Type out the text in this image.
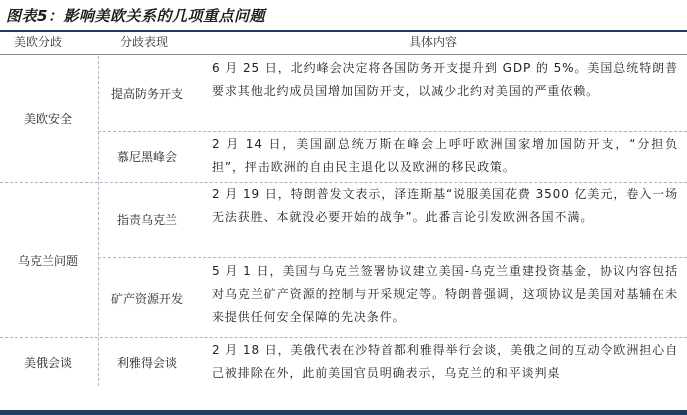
图表5：影响美欧关系的几项重点问题
美欧分歧	分歧表现	具体内容
美欧安全
乌克兰问题
美俄会谈
提高防务开支
慕尼黑峰会
指责乌克兰
矿产资源开发
利雅得会谈
6 月 25 日，北约峰会决定将各国防务开支提升到 GDP 的 5%。美国总统特朗普要求其他北约成员国增加国防开支，以减少北约对美国的严重依赖。
2 月 14 日，美国副总统万斯在峰会上呼吁欧洲国家增加国防开支，“分担负担”，抨击欧洲的自由民主退化以及欧洲的移民政策。
2 月 19 日，特朗普发文表示，泽连斯基“说服美国花费 3500 亿美元，卷入一场无法获胜、本就没必要开始的战争”。此番言论引发欧洲各国不满。
5 月 1 日，美国与乌克兰签署协议建立美国-乌克兰重建投资基金，协议内容包括对乌克兰矿产资源的控制与开采规定等。特朗普强调，这项协议是美国对基辅在未来提供任何安全保障的先决条件。
2 月 18 日，美俄代表在沙特首都利雅得举行会谈，美俄之间的互动令欧洲担心自己被排除在外，此前美国官员明确表示，乌克兰的和平谈判桌
